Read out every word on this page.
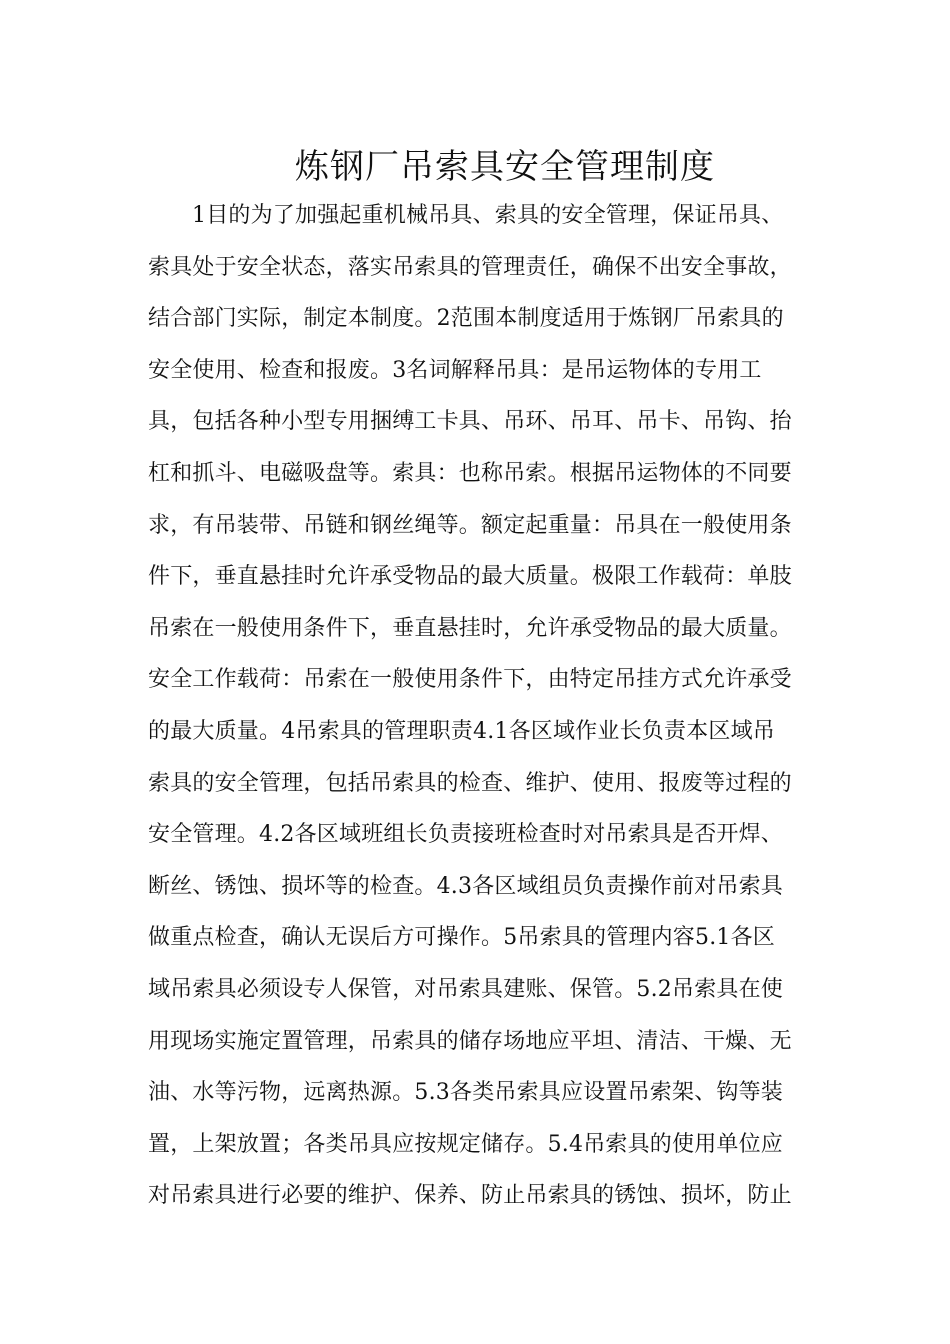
炼钢厂吊索具安全管理制度
1目的为了加强起重机械吊具、索具的安全管理，保证吊具、
索具处于安全状态，落实吊索具的管理责任，确保不出安全事故，
结合部门实际，制定本制度。2范围本制度适用于炼钢厂吊索具的
安全使用、检查和报废。3名词解释吊具：是吊运物体的专用工
具，包括各种小型专用捆缚工卡具、吊环、吊耳、吊卡、吊钩、抬
杠和抓斗、电磁吸盘等。索具：也称吊索。根据吊运物体的不同要
求，有吊装带、吊链和钢丝绳等。额定起重量：吊具在一般使用条
件下，垂直悬挂时允许承受物品的最大质量。极限工作载荷：单肢
吊索在一般使用条件下，垂直悬挂时，允许承受物品的最大质量。
安全工作载荷：吊索在一般使用条件下，由特定吊挂方式允许承受
的最大质量。4吊索具的管理职责4.1各区域作业长负责本区域吊
索具的安全管理，包括吊索具的检查、维护、使用、报废等过程的
安全管理。4.2各区域班组长负责接班检查时对吊索具是否开焊、
断丝、锈蚀、损坏等的检查。4.3各区域组员负责操作前对吊索具
做重点检查，确认无误后方可操作。5吊索具的管理内容5.1各区
域吊索具必须设专人保管，对吊索具建账、保管。5.2吊索具在使
用现场实施定置管理，吊索具的储存场地应平坦、清洁、干燥、无
油、水等污物，远离热源。5.3各类吊索具应设置吊索架、钩等装
置，上架放置；各类吊具应按规定储存。5.4吊索具的使用单位应
对吊索具进行必要的维护、保养、防止吊索具的锈蚀、损坏，防止
